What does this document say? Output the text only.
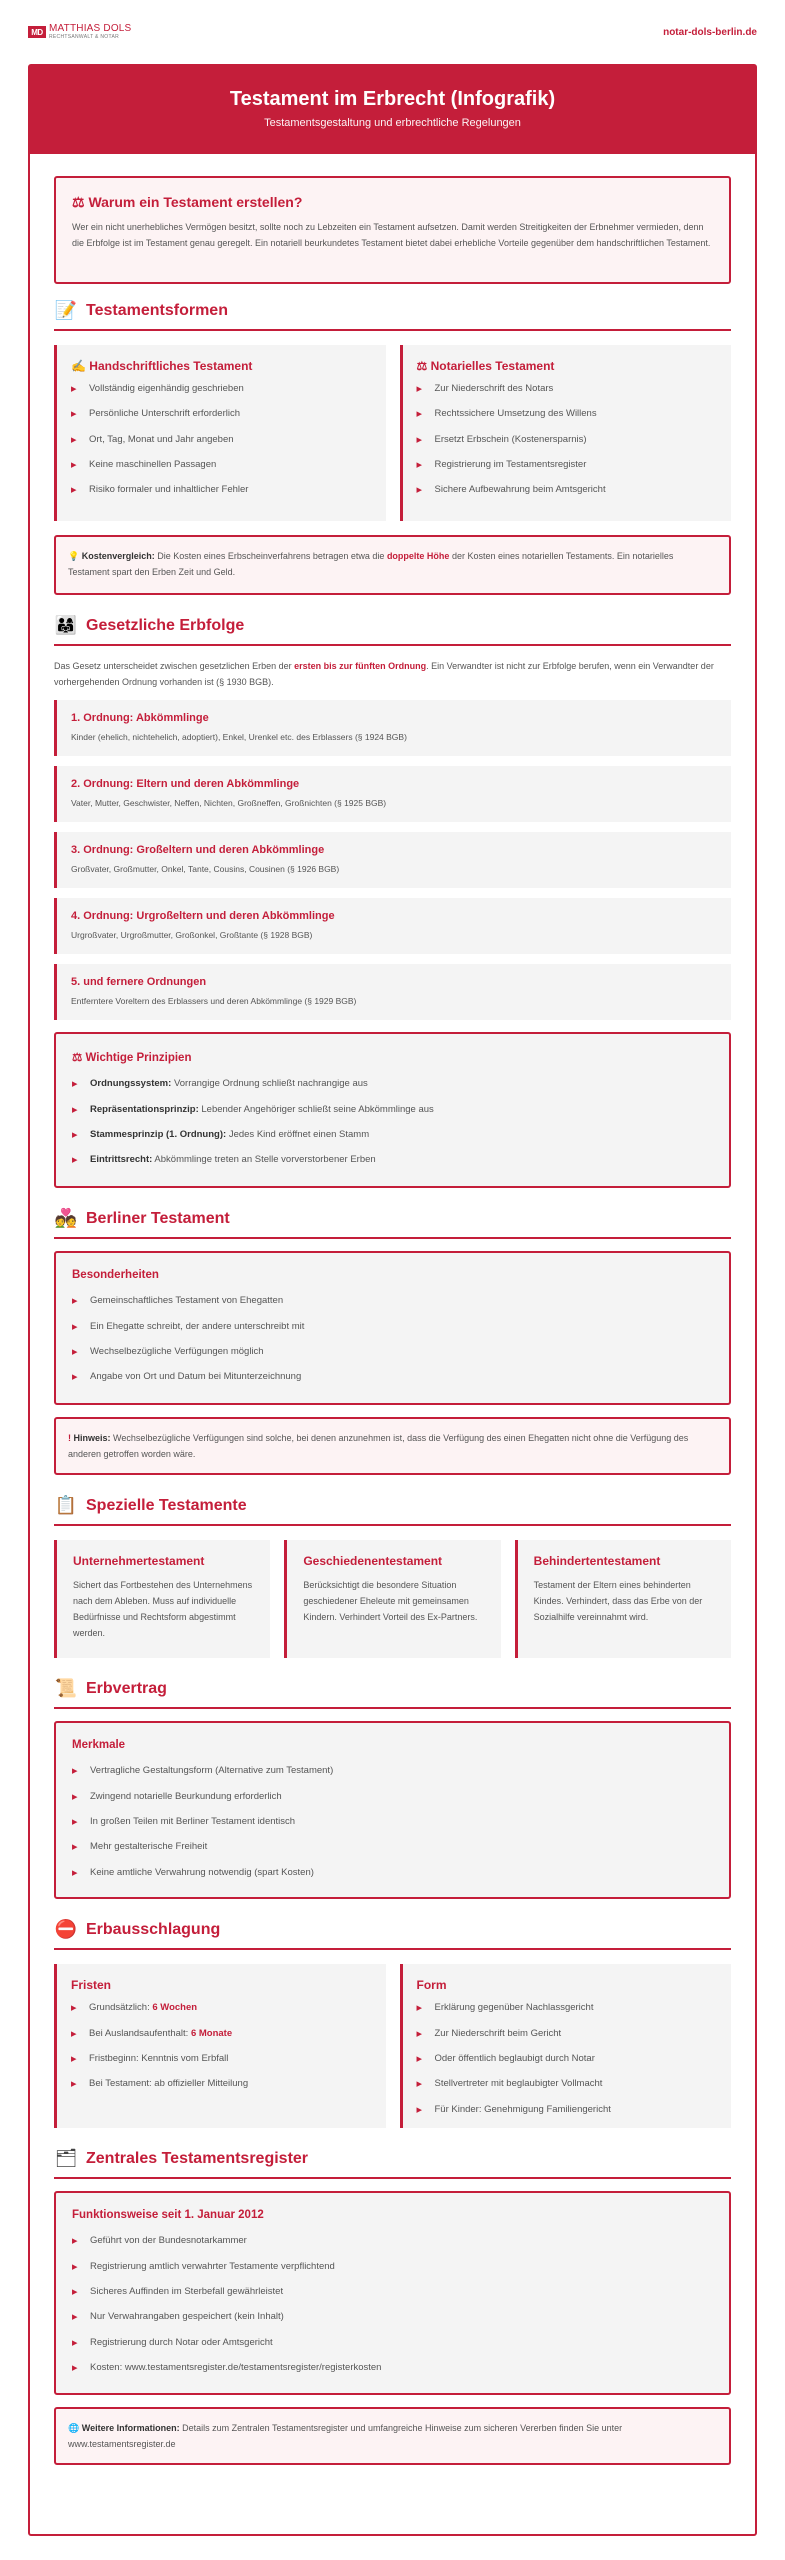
MD MATTHIAS DOLS
RECHTSANWALT & NOTAR	notar-dols-berlin.de
Testament im Erbrecht (Infografik)

Testamentsgestaltung und erbrechtliche Regelungen

⚖ Warum ein Testament erstellen?

Wer ein nicht unerhebliches Vermögen besitzt, sollte noch zu Lebzeiten ein Testament aufsetzen. Damit werden Streitigkeiten der Erbnehmer vermieden, denn die Erbfolge ist im Testament genau geregelt. Ein notariell beurkundetes Testament bietet dabei erhebliche Vorteile gegenüber dem handschriftlichen Testament.

📝 Testamentsformen
✍ Handschriftliches Testament
▸ Vollständig eigenhändig geschrieben
▸ Persönliche Unterschrift erforderlich
▸ Ort, Tag, Monat und Jahr angeben
▸ Keine maschinellen Passagen
▸ Risiko formaler und inhaltlicher Fehler
⚖ Notarielles Testament
▸ Zur Niederschrift des Notars
▸ Rechtssichere Umsetzung des Willens
▸ Ersetzt Erbschein (Kostenersparnis)
▸ Registrierung im Testamentsregister
▸ Sichere Aufbewahrung beim Amtsgericht
💡 Kostenvergleich: Die Kosten eines Erbscheinverfahrens betragen etwa die doppelte Höhe der Kosten eines notariellen Testaments. Ein notarielles Testament spart den Erben Zeit und Geld.
👨‍👩‍👧 Gesetzliche Erbfolge

Das Gesetz unterscheidet zwischen gesetzlichen Erben der ersten bis zur fünften Ordnung. Ein Verwandter ist nicht zur Erbfolge berufen, wenn ein Verwandter der vorhergehenden Ordnung vorhanden ist (§ 1930 BGB).

1. Ordnung: Abkömmlinge

Kinder (ehelich, nichtehelich, adoptiert), Enkel, Urenkel etc. des Erblassers (§ 1924 BGB)

2. Ordnung: Eltern und deren Abkömmlinge

Vater, Mutter, Geschwister, Neffen, Nichten, Großneffen, Großnichten (§ 1925 BGB)

3. Ordnung: Großeltern und deren Abkömmlinge

Großvater, Großmutter, Onkel, Tante, Cousins, Cousinen (§ 1926 BGB)

4. Ordnung: Urgroßeltern und deren Abkömmlinge

Urgroßvater, Urgroßmutter, Großonkel, Großtante (§ 1928 BGB)

5. und fernere Ordnungen

Entferntere Voreltern des Erblassers und deren Abkömmlinge (§ 1929 BGB)

⚖ Wichtige Prinzipien
▸ Ordnungssystem: Vorrangige Ordnung schließt nachrangige aus
▸ Repräsentationsprinzip: Lebender Angehöriger schließt seine Abkömmlinge aus
▸ Stammesprinzip (1. Ordnung): Jedes Kind eröffnet einen Stamm
▸ Eintrittsrecht: Abkömmlinge treten an Stelle vorverstorbener Erben
💑 Berliner Testament
Besonderheiten
▸ Gemeinschaftliches Testament von Ehegatten
▸ Ein Ehegatte schreibt, der andere unterschreibt mit
▸ Wechselbezügliche Verfügungen möglich
▸ Angabe von Ort und Datum bei Mitunterzeichnung
! Hinweis: Wechselbezügliche Verfügungen sind solche, bei denen anzunehmen ist, dass die Verfügung des einen Ehegatten nicht ohne die Verfügung des anderen getroffen worden wäre.
📋 Spezielle Testamente
Unternehmertestament

Sichert das Fortbestehen des Unternehmens nach dem Ableben. Muss auf individuelle Bedürfnisse und Rechtsform abgestimmt werden.

Geschiedenentestament

Berücksichtigt die besondere Situation geschiedener Eheleute mit gemeinsamen Kindern. Verhindert Vorteil des Ex-Partners.

Behindertentestament

Testament der Eltern eines behinderten Kindes. Verhindert, dass das Erbe von der Sozialhilfe vereinnahmt wird.

📜 Erbvertrag
Merkmale
▸ Vertragliche Gestaltungsform (Alternative zum Testament)
▸ Zwingend notarielle Beurkundung erforderlich
▸ In großen Teilen mit Berliner Testament identisch
▸ Mehr gestalterische Freiheit
▸ Keine amtliche Verwahrung notwendig (spart Kosten)
⛔ Erbausschlagung
Fristen
▸ Grundsätzlich: 6 Wochen
▸ Bei Auslandsaufenthalt: 6 Monate
▸ Fristbeginn: Kenntnis vom Erbfall
▸ Bei Testament: ab offizieller Mitteilung
Form
▸ Erklärung gegenüber Nachlassgericht
▸ Zur Niederschrift beim Gericht
▸ Oder öffentlich beglaubigt durch Notar
▸ Stellvertreter mit beglaubigter Vollmacht
▸ Für Kinder: Genehmigung Familiengericht
🗂 Zentrales Testamentsregister
Funktionsweise seit 1. Januar 2012
▸ Geführt von der Bundesnotarkammer
▸ Registrierung amtlich verwahrter Testamente verpflichtend
▸ Sicheres Auffinden im Sterbefall gewährleistet
▸ Nur Verwahrangaben gespeichert (kein Inhalt)
▸ Registrierung durch Notar oder Amtsgericht
▸ Kosten: www.testamentsregister.de/testamentsregister/registerkosten
🌐 Weitere Informationen: Details zum Zentralen Testamentsregister und umfangreiche Hinweise zum sicheren Vererben finden Sie unter www.testamentsregister.de
